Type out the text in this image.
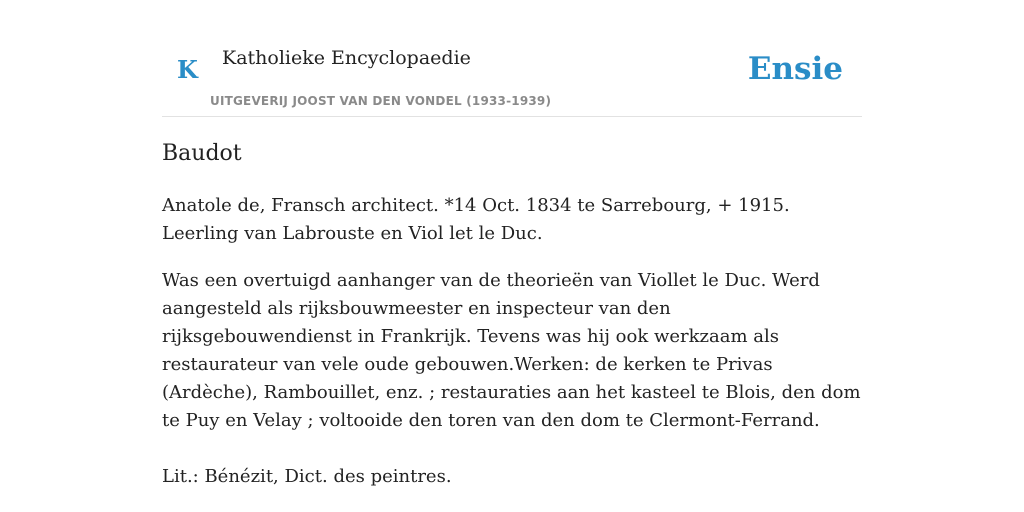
K Katholieke Encyclopaedie
UITGEVERIJ JOOST VAN DEN VONDEL (1933-1939)
Ensie
Baudot

Anatole de, Fransch architect. *14 Oct. 1834 te Sarrebourg, + 1915. Leerling van Labrouste en Viol let le Duc.

Was een overtuigd aanhanger van de theorieën van Viollet le Duc. Werd aangesteld als rijksbouwmeester en inspecteur van den rijksgebouwendienst in Frankrijk. Tevens was hij ook werkzaam als restaurateur van vele oude gebouwen.Werken: de kerken te Privas (Ardèche), Rambouillet, enz. ; restauraties aan het kasteel te Blois, den dom te Puy en Velay ; voltooide den toren van den dom te Clermont-Ferrand.

Lit.: Bénézit, Dict. des peintres.
